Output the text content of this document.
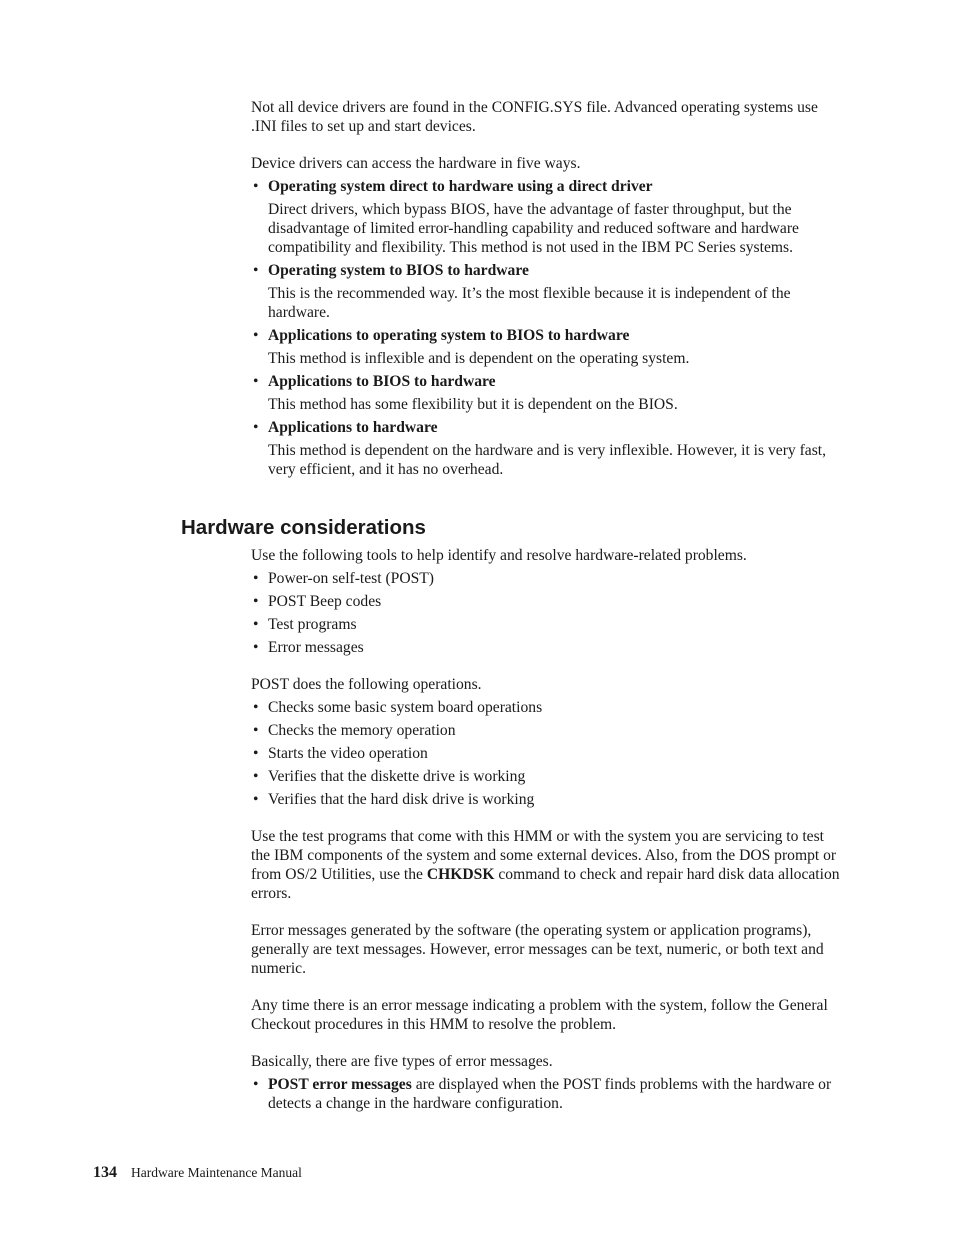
Not all device drivers are found in the CONFIG.SYS file. Advanced operating systems use .INI files to set up and start devices.

Device drivers can access the hardware in five ways.

• Operating system direct to hardware using a direct driver

Direct drivers, which bypass BIOS, have the advantage of faster throughput, but the disadvantage of limited error-handling capability and reduced software and hardware compatibility and flexibility. This method is not used in the IBM PC Series systems.

• Operating system to BIOS to hardware

This is the recommended way. It’s the most flexible because it is independent of the hardware.

• Applications to operating system to BIOS to hardware

This method is inflexible and is dependent on the operating system.

• Applications to BIOS to hardware

This method has some flexibility but it is dependent on the BIOS.

• Applications to hardware

This method is dependent on the hardware and is very inflexible. However, it is very fast, very efficient, and it has no overhead.

Hardware considerations

Use the following tools to help identify and resolve hardware-related problems.

• Power-on self-test (POST)
• POST Beep codes
• Test programs
• Error messages

POST does the following operations.

• Checks some basic system board operations
• Checks the memory operation
• Starts the video operation
• Verifies that the diskette drive is working
• Verifies that the hard disk drive is working

Use the test programs that come with this HMM or with the system you are servicing to test the IBM components of the system and some external devices. Also, from the DOS prompt or from OS/2 Utilities, use the CHKDSK command to check and repair hard disk data allocation errors.

Error messages generated by the software (the operating system or application programs), generally are text messages. However, error messages can be text, numeric, or both text and numeric.

Any time there is an error message indicating a problem with the system, follow the General Checkout procedures in this HMM to resolve the problem.

Basically, there are five types of error messages.

• POST error messages are displayed when the POST finds problems with the hardware or detects a change in the hardware configuration.
134 Hardware Maintenance Manual
